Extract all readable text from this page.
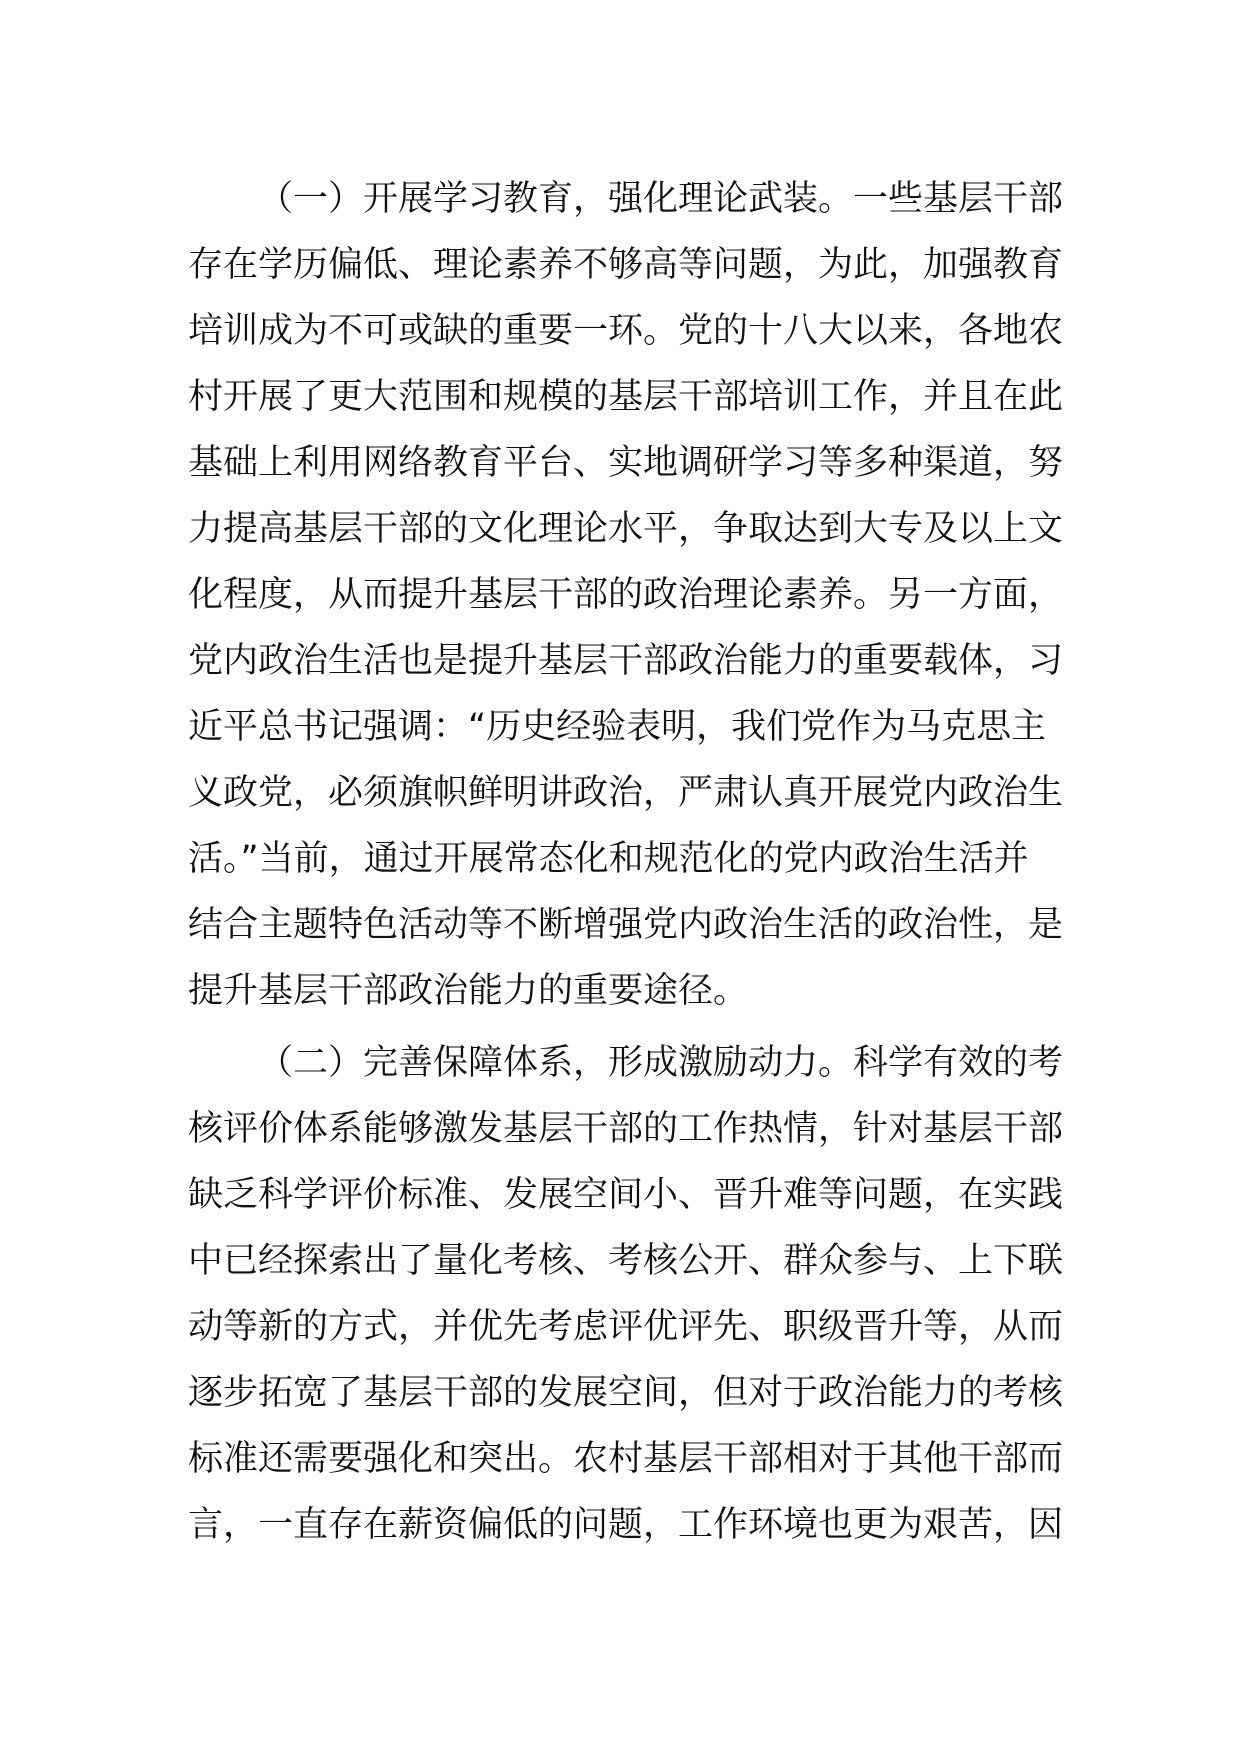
（一）开展学习教育，强化理论武装。一些基层干部
存在学历偏低、理论素养不够高等问题，为此，加强教育
培训成为不可或缺的重要一环。党的十八大以来，各地农
村开展了更大范围和规模的基层干部培训工作，并且在此
基础上利用网络教育平台、实地调研学习等多种渠道，努
力提高基层干部的文化理论水平，争取达到大专及以上文
化程度，从而提升基层干部的政治理论素养。另一方面，
党内政治生活也是提升基层干部政治能力的重要载体，习
近平总书记强调：“历史经验表明，我们党作为马克思主
义政党，必须旗帜鲜明讲政治，严肃认真开展党内政治生
活。”当前，通过开展常态化和规范化的党内政治生活并
结合主题特色活动等不断增强党内政治生活的政治性，是
提升基层干部政治能力的重要途径。

（二）完善保障体系，形成激励动力。科学有效的考
核评价体系能够激发基层干部的工作热情，针对基层干部
缺乏科学评价标准、发展空间小、晋升难等问题，在实践
中已经探索出了量化考核、考核公开、群众参与、上下联
动等新的方式，并优先考虑评优评先、职级晋升等，从而
逐步拓宽了基层干部的发展空间，但对于政治能力的考核
标准还需要强化和突出。农村基层干部相对于其他干部而
言，一直存在薪资偏低的问题，工作环境也更为艰苦，因
